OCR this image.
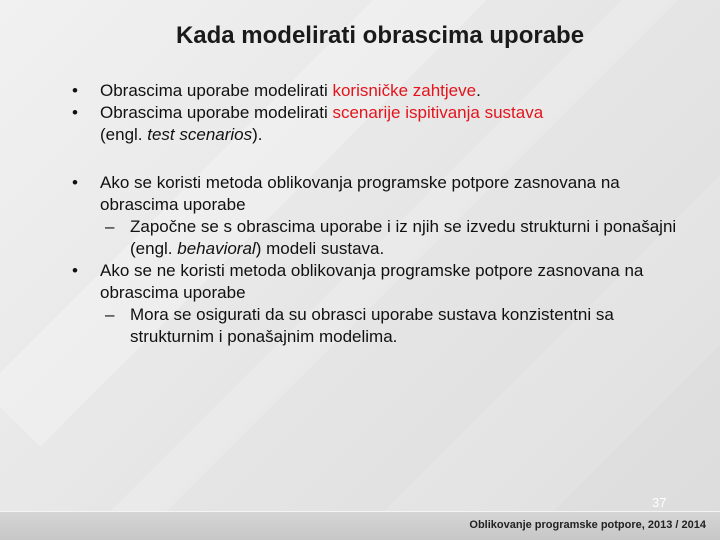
Kada modelirati obrascima uporabe
•	Obrascima uporabe modelirati korisničke zahtjeve.
•	Obrascima uporabe modelirati scenarije ispitivanja sustava
(engl. test scenarios).
•	Ako se koristi metoda oblikovanja programske potpore zasnovana na obrascima uporabe
– Započne se s obrascima uporabe i iz njih se izvedu strukturni i ponašajni (engl. behavioral) modeli sustava.
•	Ako se ne koristi metoda oblikovanja programske potpore zasnovana na obrascima uporabe
– Mora se osigurati da su obrasci uporabe sustava konzistentni sa strukturnim i ponašajnim modelima.
37
Oblikovanje programske potpore, 2013 / 2014
